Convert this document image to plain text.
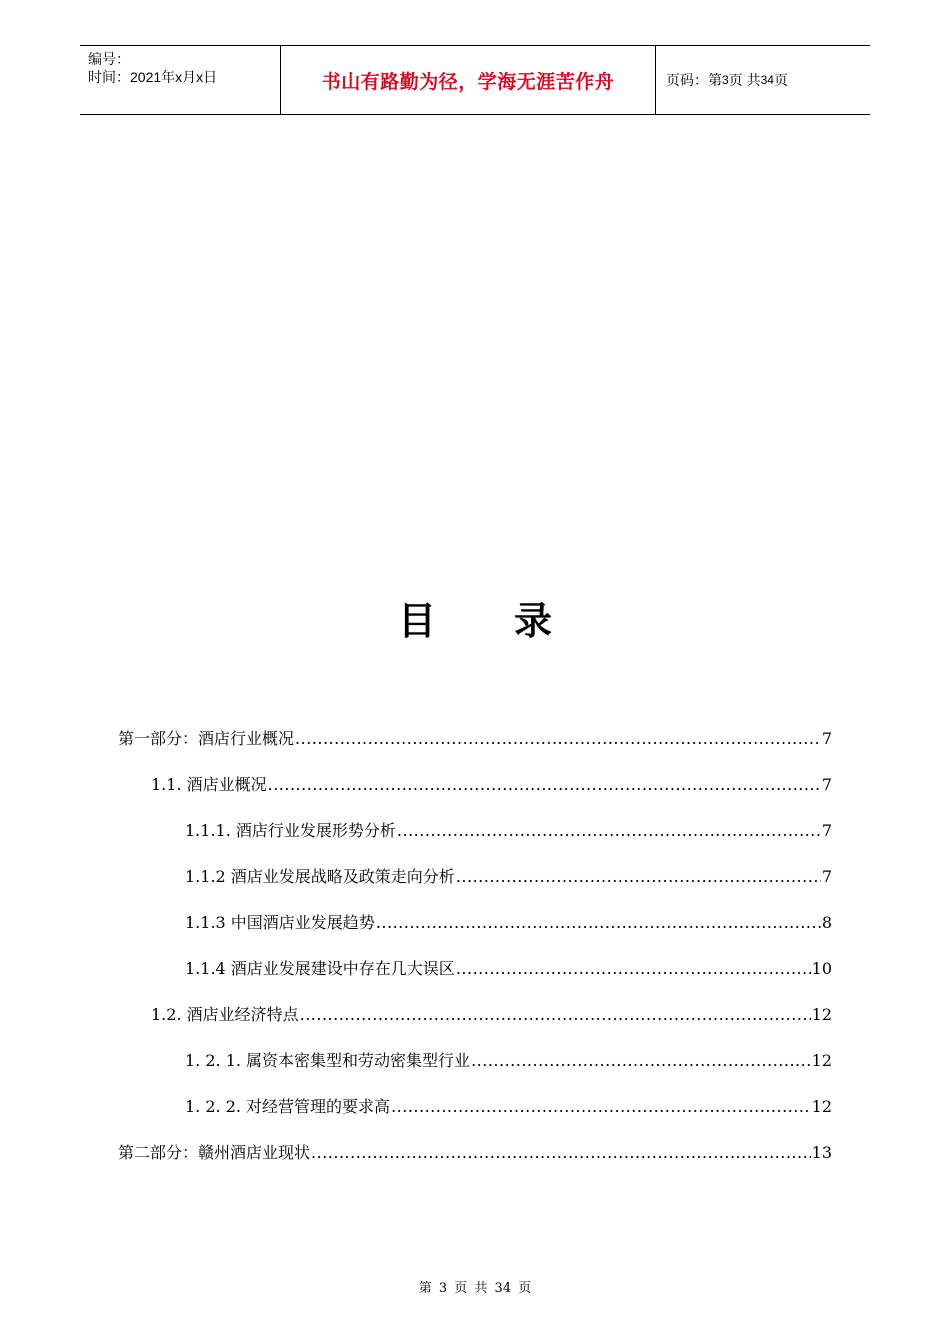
编号：
时间：2021年x月x日	书山有路勤为径，学海无涯苦作舟	页码：第 3 页 共 34 页
目 录
第一部分：酒店行业概况 .....	7
1.1. 酒店业概况 .....	7
1.1.1. 酒店行业发展形势分析 .....	7
1.1.2 酒店业发展战略及政策走向分析 .....	7
1.1.3 中国酒店业发展趋势 .....	8
1.1.4 酒店业发展建设中存在几大误区 .....	10
1.2. 酒店业经济特点 .....	12
1. 2. 1. 属资本密集型和劳动密集型行业 .....	12
1. 2. 2. 对经营管理的要求高 .....	12
第二部分：赣州酒店业现状 .....	13
第 3 页 共 34 页
